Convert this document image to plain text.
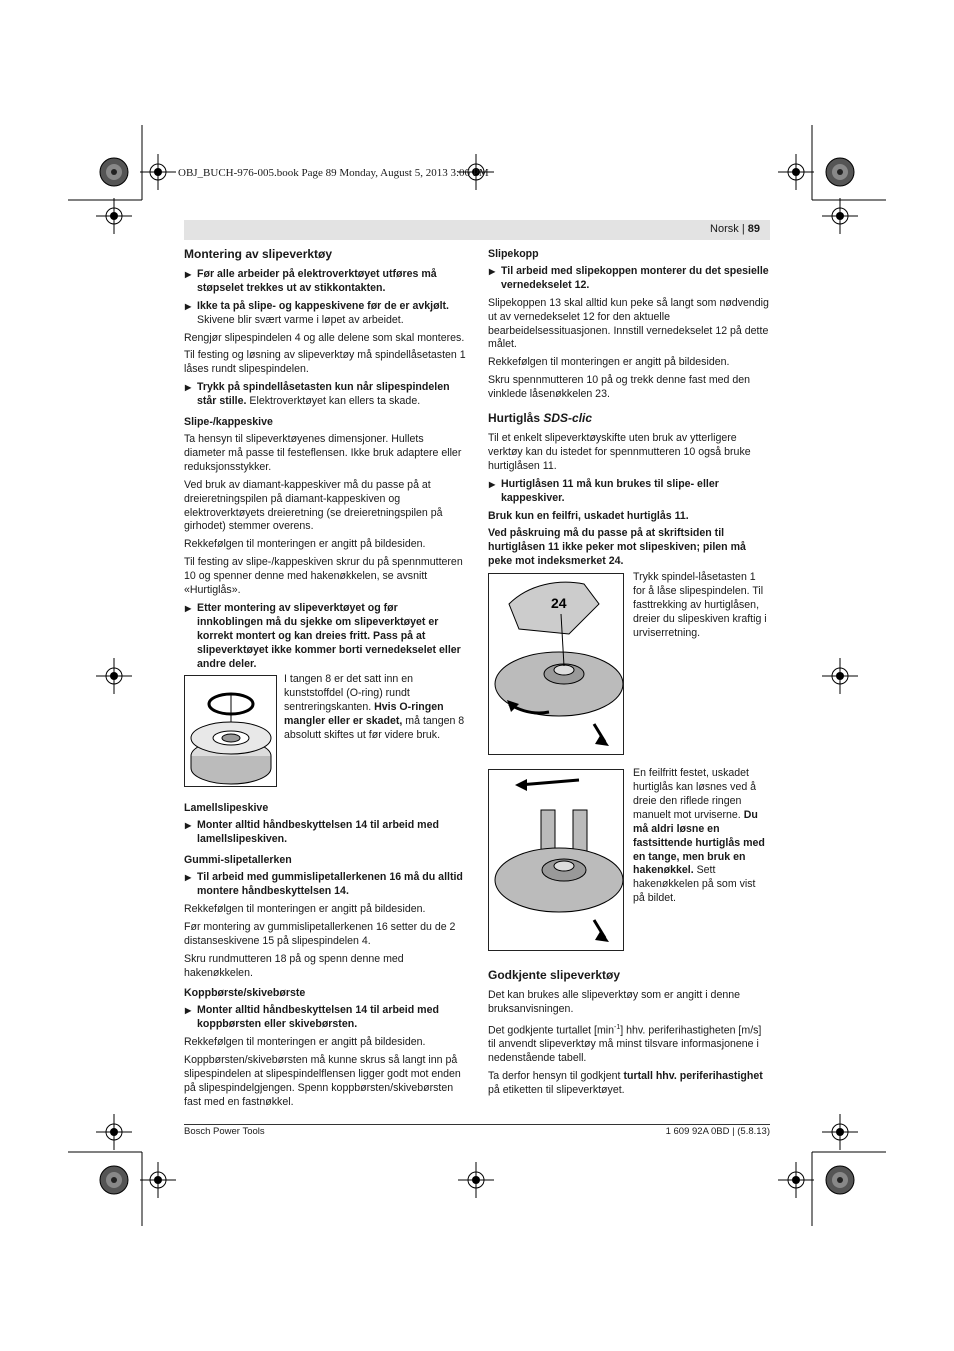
OBJ_BUCH-976-005.book Page 89 Monday, August 5, 2013 3:06 PM
Norsk | 89
Montering av slipeverktøy
▶ Før alle arbeider på elektroverktøyet utføres må støpselet trekkes ut av stikkontakten.
▶ Ikke ta på slipe- og kappeskivene før de er avkjølt. Skivene blir svært varme i løpet av arbeidet.

Rengjør slipespindelen 4 og alle delene som skal monteres.

Til festing og løsning av slipeverktøy må spindellåsetasten 1 låses rundt slipespindelen.

▶ Trykk på spindellåsetasten kun når slipespindelen står stille. Elektroverktøyet kan ellers ta skade.
Slipe-/kappeskive

Ta hensyn til slipeverktøyenes dimensjoner. Hullets diameter må passe til festeflensen. Ikke bruk adaptere eller reduksjonsstykker.

Ved bruk av diamant-kappeskiver må du passe på at dreieretningspilen på diamant-kappeskiven og elektroverktøyets dreieretning (se dreieretningspilen på girhodet) stemmer overens.

Rekkefølgen til monteringen er angitt på bildesiden.

Til festing av slipe-/kappeskiven skrur du på spennmutteren 10 og spenner denne med hakenøkkelen, se avsnitt «Hurtiglås».

▶ Etter montering av slipeverktøyet og før innkoblingen må du sjekke om slipeverktøyet er korrekt montert og kan dreies fritt. Pass på at slipeverktøyet ikke kommer borti vernedekselet eller andre deler.
I tangen 8 er det satt inn en kunststoffdel (O-ring) rundt sentreringskanten. Hvis O-ringen mangler eller er skadet, må tangen 8 absolutt skiftes ut før videre bruk.
Lamellslipeskive
▶ Monter alltid håndbeskyttelsen 14 til arbeid med lamellslipeskiven.
Gummi-slipetallerken
▶ Til arbeid med gummislipetallerkenen 16 må du alltid montere håndbeskyttelsen 14.

Rekkefølgen til monteringen er angitt på bildesiden.

Før montering av gummislipetallerkenen 16 setter du de 2 distanseskivene 15 på slipespindelen 4.

Skru rundmutteren 18 på og spenn denne med hakenøkkelen.

Koppbørste/skivebørste
▶ Monter alltid håndbeskyttelsen 14 til arbeid med koppbørsten eller skivebørsten.

Rekkefølgen til monteringen er angitt på bildesiden.

Koppbørsten/skivebørsten må kunne skrus så langt inn på slipespindelen at slipespindelflensen ligger godt mot enden på slipespindelgjengen. Spenn koppbørsten/skivebørsten fast med en fastnøkkel.

Slipekopp
▶ Til arbeid med slipekoppen monterer du det spesielle vernedekselet 12.

Slipekoppen 13 skal alltid kun peke så langt som nødvendig ut av vernedekselet 12 for den aktuelle bearbeidelsessituasjonen. Innstill vernedekselet 12 på dette målet.

Rekkefølgen til monteringen er angitt på bildesiden.

Skru spennmutteren 10 på og trekk denne fast med den vinklede låsenøkkelen 23.

Hurtiglås SDS-clic

Til et enkelt slipeverktøyskifte uten bruk av ytterligere verktøy kan du istedet for spennmutteren 10 også bruke hurtiglåsen 11.

▶ Hurtiglåsen 11 må kun brukes til slipe- eller kappeskiver.

Bruk kun en feilfri, uskadet hurtiglås 11.

Ved påskruing må du passe på at skriftsiden til hurtiglåsen 11 ikke peker mot slipeskiven; pilen må peke mot indeksmerket 24.

24
Trykk spindel-låsetasten 1 for å låse slipespindelen. Til fasttrekking av hurtiglåsen, dreier du slipeskiven kraftig i urviserretning.
En feilfritt festet, uskadet hurtiglås kan løsnes ved å dreie den riflede ringen manuelt mot urviserne. Du må aldri løsne en fastsittende hurtiglås med en tange, men bruk en hakenøkkel. Sett hakenøkkelen på som vist på bildet.
Godkjente slipeverktøy

Det kan brukes alle slipeverktøy som er angitt i denne bruksanvisningen.

Det godkjente turtallet $[\min^{-1}]$ hhv. periferihastigheten [m/s] til anvendt slipeverktøy må minst tilsvare informasjonene i nedenstående tabell.

Ta derfor hensyn til godkjent turtall hhv. periferihastighet på etiketten til slipeverktøyet.

Bosch Power Tools	1 609 92A 0BD | (5.8.13)
